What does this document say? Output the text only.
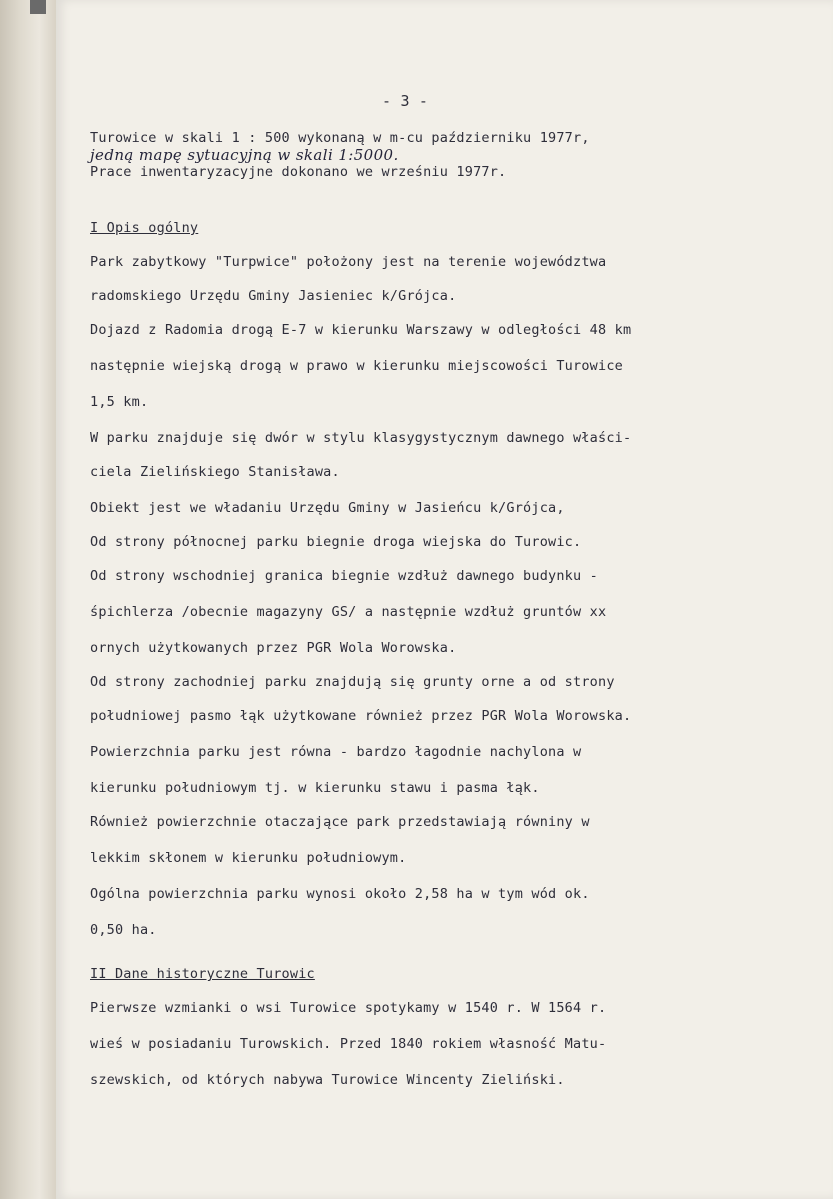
- 3 -
Turowice w skali 1 : 500 wykonaną w m-cu październiku 1977r,
jedną mapę sytuacyjną w skali 1:5000.
Prace inwentaryzacyjne dokonano we wrześniu 1977r.
I Opis ogólny
Park zabytkowy "Turpwice" położony jest na terenie województwa
radomskiego Urzędu Gminy Jasieniec k/Grójca.
Dojazd z Radomia drogą E-7 w kierunku Warszawy w odległości 48 km
następnie wiejską drogą w prawo w kierunku miejscowości Turowice
1,5 km.
W parku znajduje się dwór w stylu klasygystycznym dawnego właści-
ciela Zielińskiego Stanisława.
Obiekt jest we władaniu Urzędu Gminy w Jasieńcu k/Grójca,
Od strony północnej parku biegnie droga wiejska do Turowic.
Od strony wschodniej granica biegnie wzdłuż dawnego budynku -
śpichlerza /obecnie magazyny GS/ a następnie wzdłuż gruntów xx
ornych użytkowanych przez PGR Wola Worowska.
Od strony zachodniej parku znajdują się grunty orne a od strony
południowej pasmo łąk użytkowane również przez PGR Wola Worowska.
Powierzchnia parku jest równa - bardzo łagodnie nachylona w
kierunku południowym tj. w kierunku stawu i pasma łąk.
Również powierzchnie otaczające park przedstawiają równiny w
lekkim skłonem w kierunku południowym.
Ogólna powierzchnia parku wynosi około 2,58 ha w tym wód ok.
0,50 ha.
II Dane historyczne Turowic
Pierwsze wzmianki o wsi Turowice spotykamy w 1540 r. W 1564 r.
wieś w posiadaniu Turowskich. Przed 1840 rokiem własność Matu-
szewskich, od których nabywa Turowice Wincenty Zieliński.
